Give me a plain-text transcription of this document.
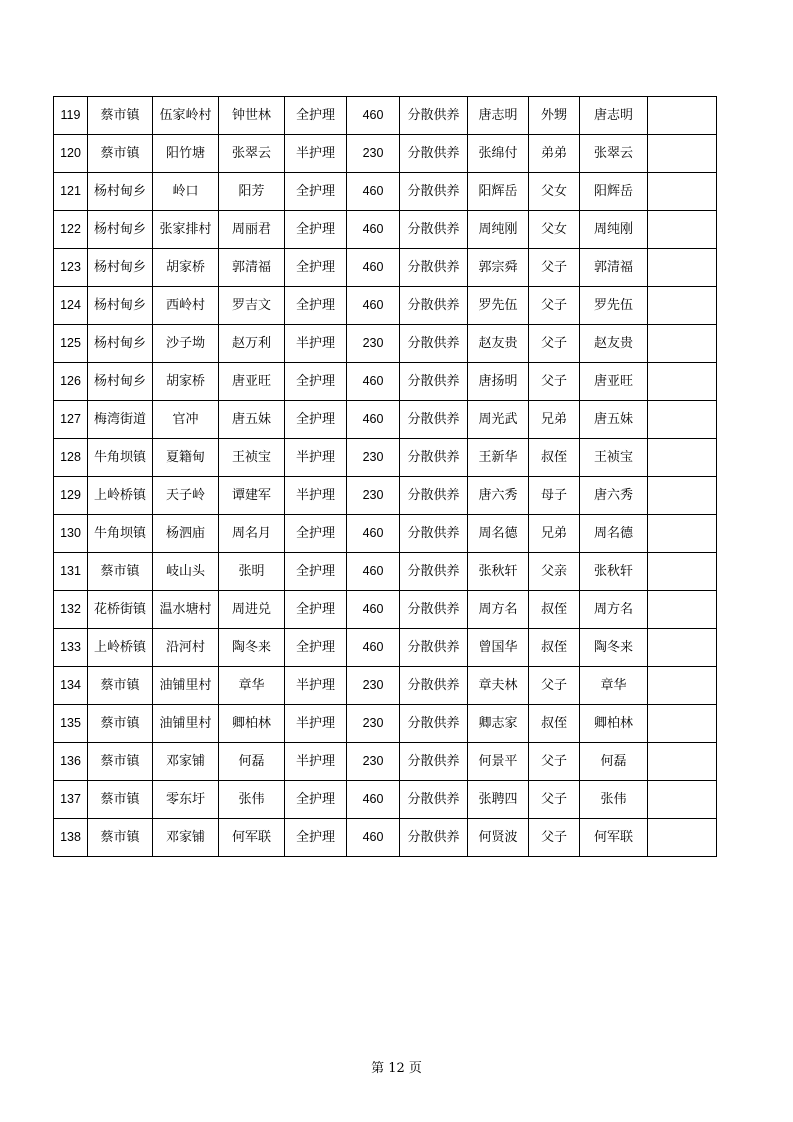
119	蔡市镇	伍家岭村	钟世林	全护理	460	分散供养	唐志明	外甥	唐志明	
120	蔡市镇	阳竹塘	张翠云	半护理	230	分散供养	张绵付	弟弟	张翠云	
121	杨村甸乡	岭口	阳芳	全护理	460	分散供养	阳辉岳	父女	阳辉岳	
122	杨村甸乡	张家排村	周丽君	全护理	460	分散供养	周纯刚	父女	周纯刚	
123	杨村甸乡	胡家桥	郭清福	全护理	460	分散供养	郭宗舜	父子	郭清福	
124	杨村甸乡	西岭村	罗吉文	全护理	460	分散供养	罗先伍	父子	罗先伍	
125	杨村甸乡	沙子坳	赵万利	半护理	230	分散供养	赵友贵	父子	赵友贵	
126	杨村甸乡	胡家桥	唐亚旺	全护理	460	分散供养	唐扬明	父子	唐亚旺	
127	梅湾街道	官冲	唐五妹	全护理	460	分散供养	周光武	兄弟	唐五妹	
128	牛角坝镇	夏籍甸	王祯宝	半护理	230	分散供养	王新华	叔侄	王祯宝	
129	上岭桥镇	天子岭	谭建军	半护理	230	分散供养	唐六秀	母子	唐六秀	
130	牛角坝镇	杨泗庙	周名月	全护理	460	分散供养	周名德	兄弟	周名德	
131	蔡市镇	岐山头	张明	全护理	460	分散供养	张秋轩	父亲	张秋轩	
132	花桥街镇	温水塘村	周进兑	全护理	460	分散供养	周方名	叔侄	周方名	
133	上岭桥镇	沿河村	陶冬来	全护理	460	分散供养	曾国华	叔侄	陶冬来	
134	蔡市镇	油铺里村	章华	半护理	230	分散供养	章夫林	父子	章华	
135	蔡市镇	油铺里村	卿柏林	半护理	230	分散供养	卿志家	叔侄	卿柏林	
136	蔡市镇	邓家铺	何磊	半护理	230	分散供养	何景平	父子	何磊	
137	蔡市镇	零东圩	张伟	全护理	460	分散供养	张聘四	父子	张伟	
138	蔡市镇	邓家铺	何军联	全护理	460	分散供养	何贤波	父子	何军联	
第 12 页
